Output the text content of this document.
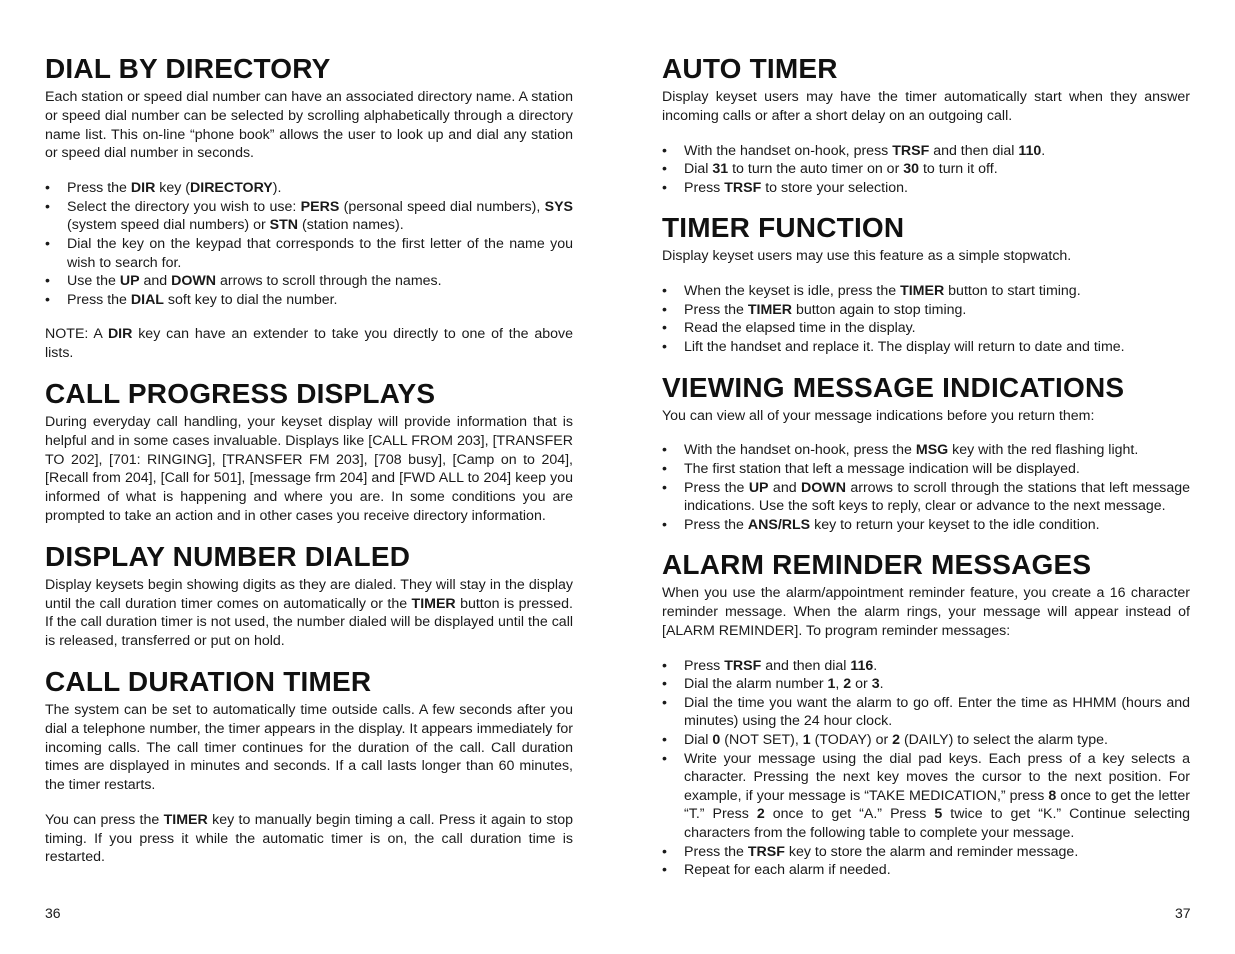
DIAL BY DIRECTORY

Each station or speed dial number can have an associated directory name. A station or speed dial number can be selected by scrolling alphabetically through a directory name list. This on-line “phone book” allows the user to look up and dial any station or speed dial number in seconds.

• Press the DIR key (DIRECTORY).
• Select the directory you wish to use: PERS (personal speed dial numbers), SYS (system speed dial numbers) or STN (station names).
• Dial the key on the keypad that corresponds to the first letter of the name you wish to search for.
• Use the UP and DOWN arrows to scroll through the names.
• Press the DIAL soft key to dial the number.

NOTE: A DIR key can have an extender to take you directly to one of the above lists.

CALL PROGRESS DISPLAYS

During everyday call handling, your keyset display will provide information that is helpful and in some cases invaluable. Displays like [CALL FROM 203], [TRANSFER TO 202], [701: RINGING], [TRANSFER FM 203], [708 busy], [Camp on to 204], [Recall from 204], [Call for 501], [message frm 204] and [FWD ALL to 204] keep you informed of what is happening and where you are. In some conditions you are prompted to take an action and in other cases you receive directory information.

DISPLAY NUMBER DIALED

Display keysets begin showing digits as they are dialed. They will stay in the display until the call duration timer comes on automatically or the TIMER button is pressed. If the call duration timer is not used, the number dialed will be displayed until the call is released, transferred or put on hold.

CALL DURATION TIMER

The system can be set to automatically time outside calls. A few seconds after you dial a telephone number, the timer appears in the display. It appears immediately for incoming calls. The call timer continues for the duration of the call. Call duration times are displayed in minutes and seconds. If a call lasts longer than 60 minutes, the timer restarts.

You can press the TIMER key to manually begin timing a call. Press it again to stop timing. If you press it while the automatic timer is on, the call duration time is restarted.

AUTO TIMER

Display keyset users may have the timer automatically start when they answer incoming calls or after a short delay on an outgoing call.

• With the handset on-hook, press TRSF and then dial 110.
• Dial 31 to turn the auto timer on or 30 to turn it off.
• Press TRSF to store your selection.
TIMER FUNCTION

Display keyset users may use this feature as a simple stopwatch.

• When the keyset is idle, press the TIMER button to start timing.
• Press the TIMER button again to stop timing.
• Read the elapsed time in the display.
• Lift the handset and replace it. The display will return to date and time.
VIEWING MESSAGE INDICATIONS

You can view all of your message indications before you return them:

• With the handset on-hook, press the MSG key with the red flashing light.
• The first station that left a message indication will be displayed.
• Press the UP and DOWN arrows to scroll through the stations that left message indications. Use the soft keys to reply, clear or advance to the next message.
• Press the ANS/RLS key to return your keyset to the idle condition.
ALARM REMINDER MESSAGES

When you use the alarm/appointment reminder feature, you create a 16 character reminder message. When the alarm rings, your message will appear instead of [ALARM REMINDER]. To program reminder messages:

• Press TRSF and then dial 116.
• Dial the alarm number 1, 2 or 3.
• Dial the time you want the alarm to go off. Enter the time as HHMM (hours and minutes) using the 24 hour clock.
• Dial 0 (NOT SET), 1 (TODAY) or 2 (DAILY) to select the alarm type.
• Write your message using the dial pad keys. Each press of a key selects a character. Pressing the next key moves the cursor to the next position. For example, if your message is “TAKE MEDICATION,” press 8 once to get the letter “T.” Press 2 once to get “A.” Press 5 twice to get “K.” Continue selecting characters from the following table to complete your message.
• Press the TRSF key to store the alarm and reminder message.
• Repeat for each alarm if needed.
36	37
